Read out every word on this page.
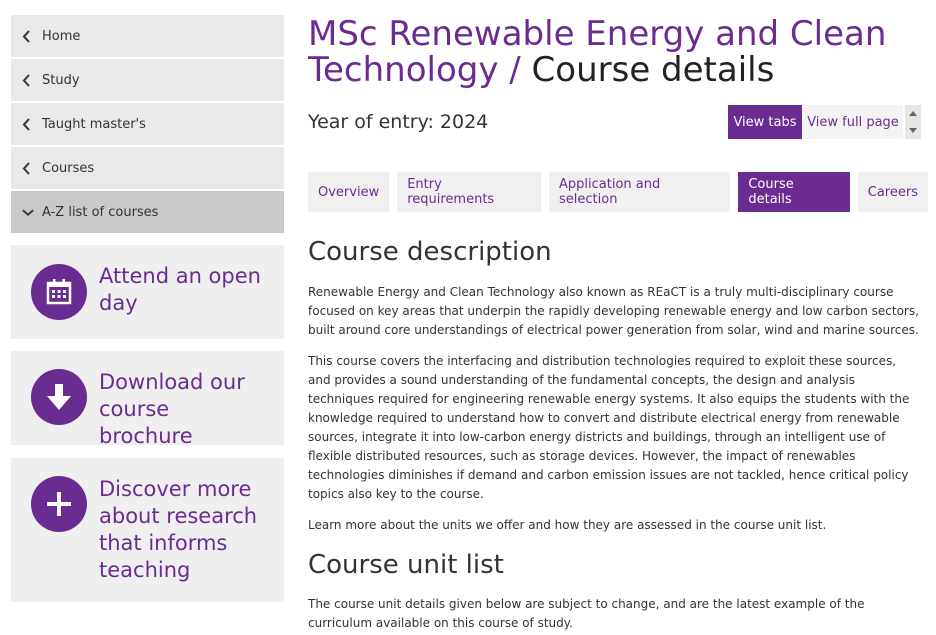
Home
Study
Taught master's
Courses
A-Z list of courses
Attend an open day
Download our course brochure
Discover more about research that informs teaching
MSc Renewable Energy and Clean Technology / Course details
Year of entry: 2024	View tabs View full page
Overview	Entry requirements
Application and selection
Course details	Careers
Course description

Renewable Energy and Clean Technology also known as REaCT is a truly multi-disciplinary course focused on key areas that underpin the rapidly developing renewable energy and low carbon sectors, built around core understandings of electrical power generation from solar, wind and marine sources.

This course covers the interfacing and distribution technologies required to exploit these sources, and provides a sound understanding of the fundamental concepts, the design and analysis techniques required for engineering renewable energy systems. It also equips the students with the knowledge required to understand how to convert and distribute electrical energy from renewable sources, integrate it into low-carbon energy districts and buildings, through an intelligent use of flexible distributed resources, such as storage devices. However, the impact of renewables technologies diminishes if demand and carbon emission issues are not tackled, hence critical policy topics also key to the course.

Learn more about the units we offer and how they are assessed in the course unit list.

Course unit list

The course unit details given below are subject to change, and are the latest example of the curriculum available on this course of study.
